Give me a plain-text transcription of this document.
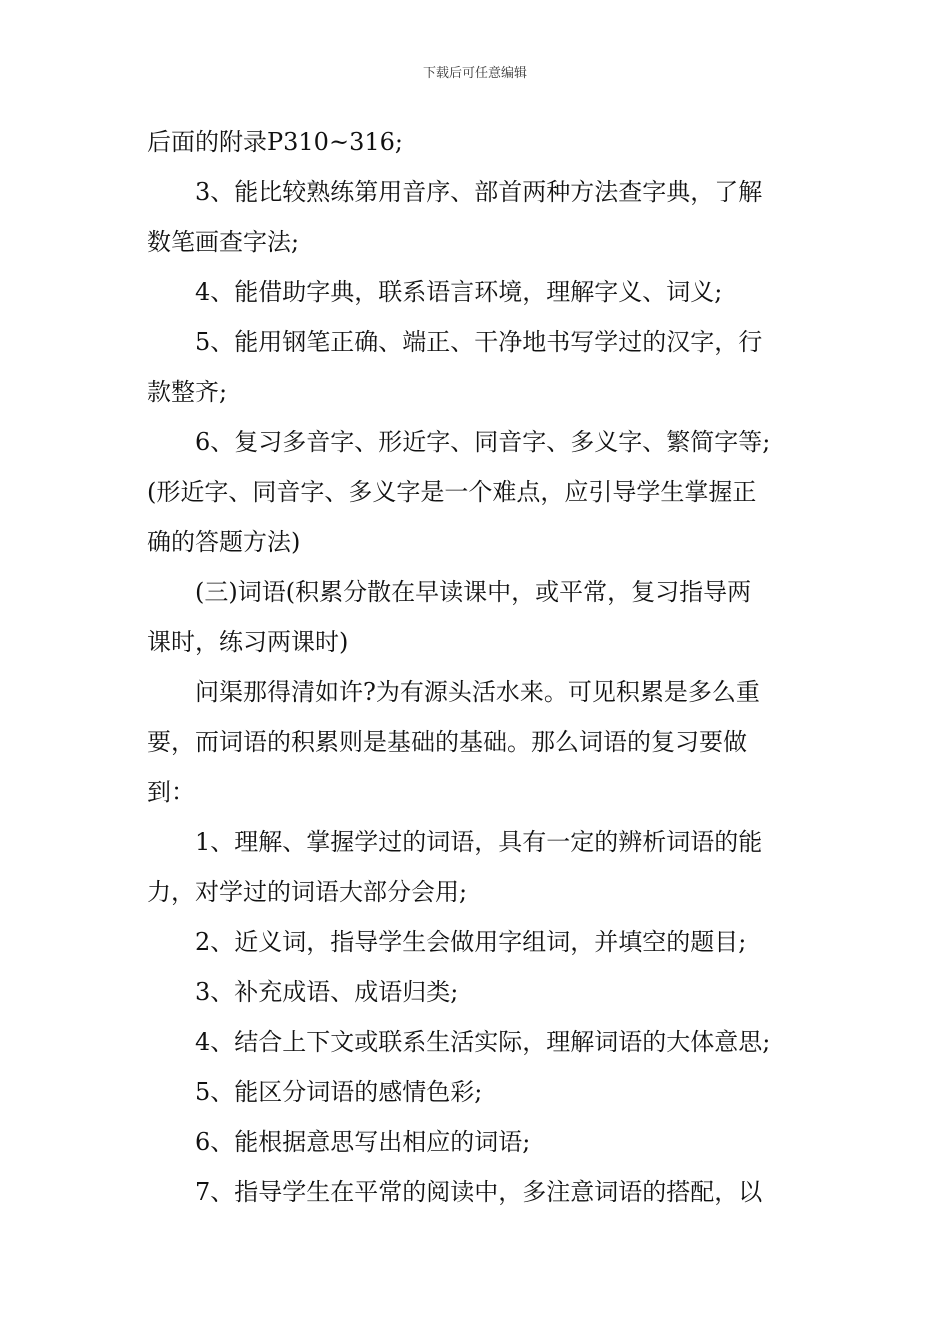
下载后可任意编辑

后面的附录P310~316;

3、能比较熟练第用音序、部首两种方法查字典，了解

数笔画查字法;

4、能借助字典，联系语言环境，理解字义、词义;

5、能用钢笔正确、端正、干净地书写学过的汉字，行

款整齐;

6、复习多音字、形近字、同音字、多义字、繁简字等;

(形近字、同音字、多义字是一个难点，应引导学生掌握正

确的答题方法)

(三)词语(积累分散在早读课中，或平常，复习指导两

课时，练习两课时)

问渠那得清如许?为有源头活水来。可见积累是多么重

要，而词语的积累则是基础的基础。那么词语的复习要做

到：

1、理解、掌握学过的词语，具有一定的辨析词语的能

力，对学过的词语大部分会用;

2、近义词，指导学生会做用字组词，并填空的题目;

3、补充成语、成语归类;

4、结合上下文或联系生活实际，理解词语的大体意思;

5、能区分词语的感情色彩;

6、能根据意思写出相应的词语;

7、指导学生在平常的阅读中，多注意词语的搭配，以
